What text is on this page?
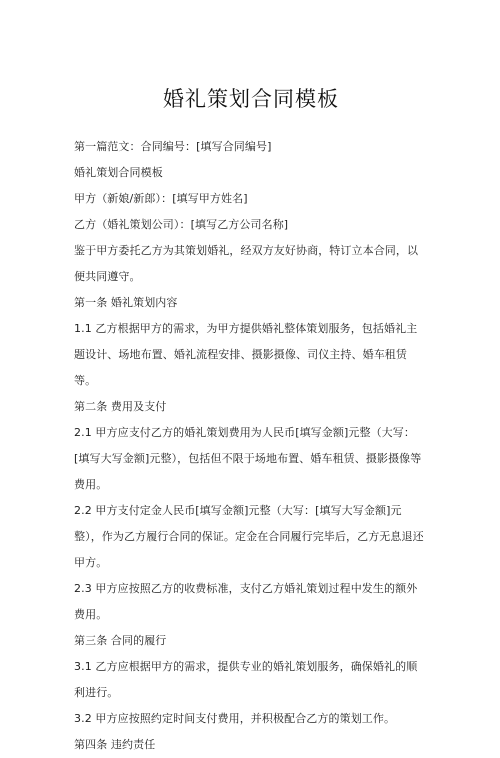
婚礼策划合同模板

第一篇范文：合同编号：[填写合同编号]

婚礼策划合同模板

甲方（新娘/新郎）：[填写甲方姓名]

乙方（婚礼策划公司）：[填写乙方公司名称]

鉴于甲方委托乙方为其策划婚礼，经双方友好协商，特订立本合同，以便共同遵守。

第一条 婚礼策划内容

1.1 乙方根据甲方的需求，为甲方提供婚礼整体策划服务，包括婚礼主题设计、场地布置、婚礼流程安排、摄影摄像、司仪主持、婚车租赁等。

第二条 费用及支付

2.1 甲方应支付乙方的婚礼策划费用为人民币[填写金额]元整（大写：[填写大写金额]元整），包括但不限于场地布置、婚车租赁、摄影摄像等费用。

2.2 甲方支付定金人民币[填写金额]元整（大写：[填写大写金额]元整），作为乙方履行合同的保证。定金在合同履行完毕后，乙方无息退还甲方。

2.3 甲方应按照乙方的收费标准，支付乙方婚礼策划过程中发生的额外费用。

第三条 合同的履行

3.1 乙方应根据甲方的需求，提供专业的婚礼策划服务，确保婚礼的顺利进行。

3.2 甲方应按照约定时间支付费用，并积极配合乙方的策划工作。

第四条 违约责任
